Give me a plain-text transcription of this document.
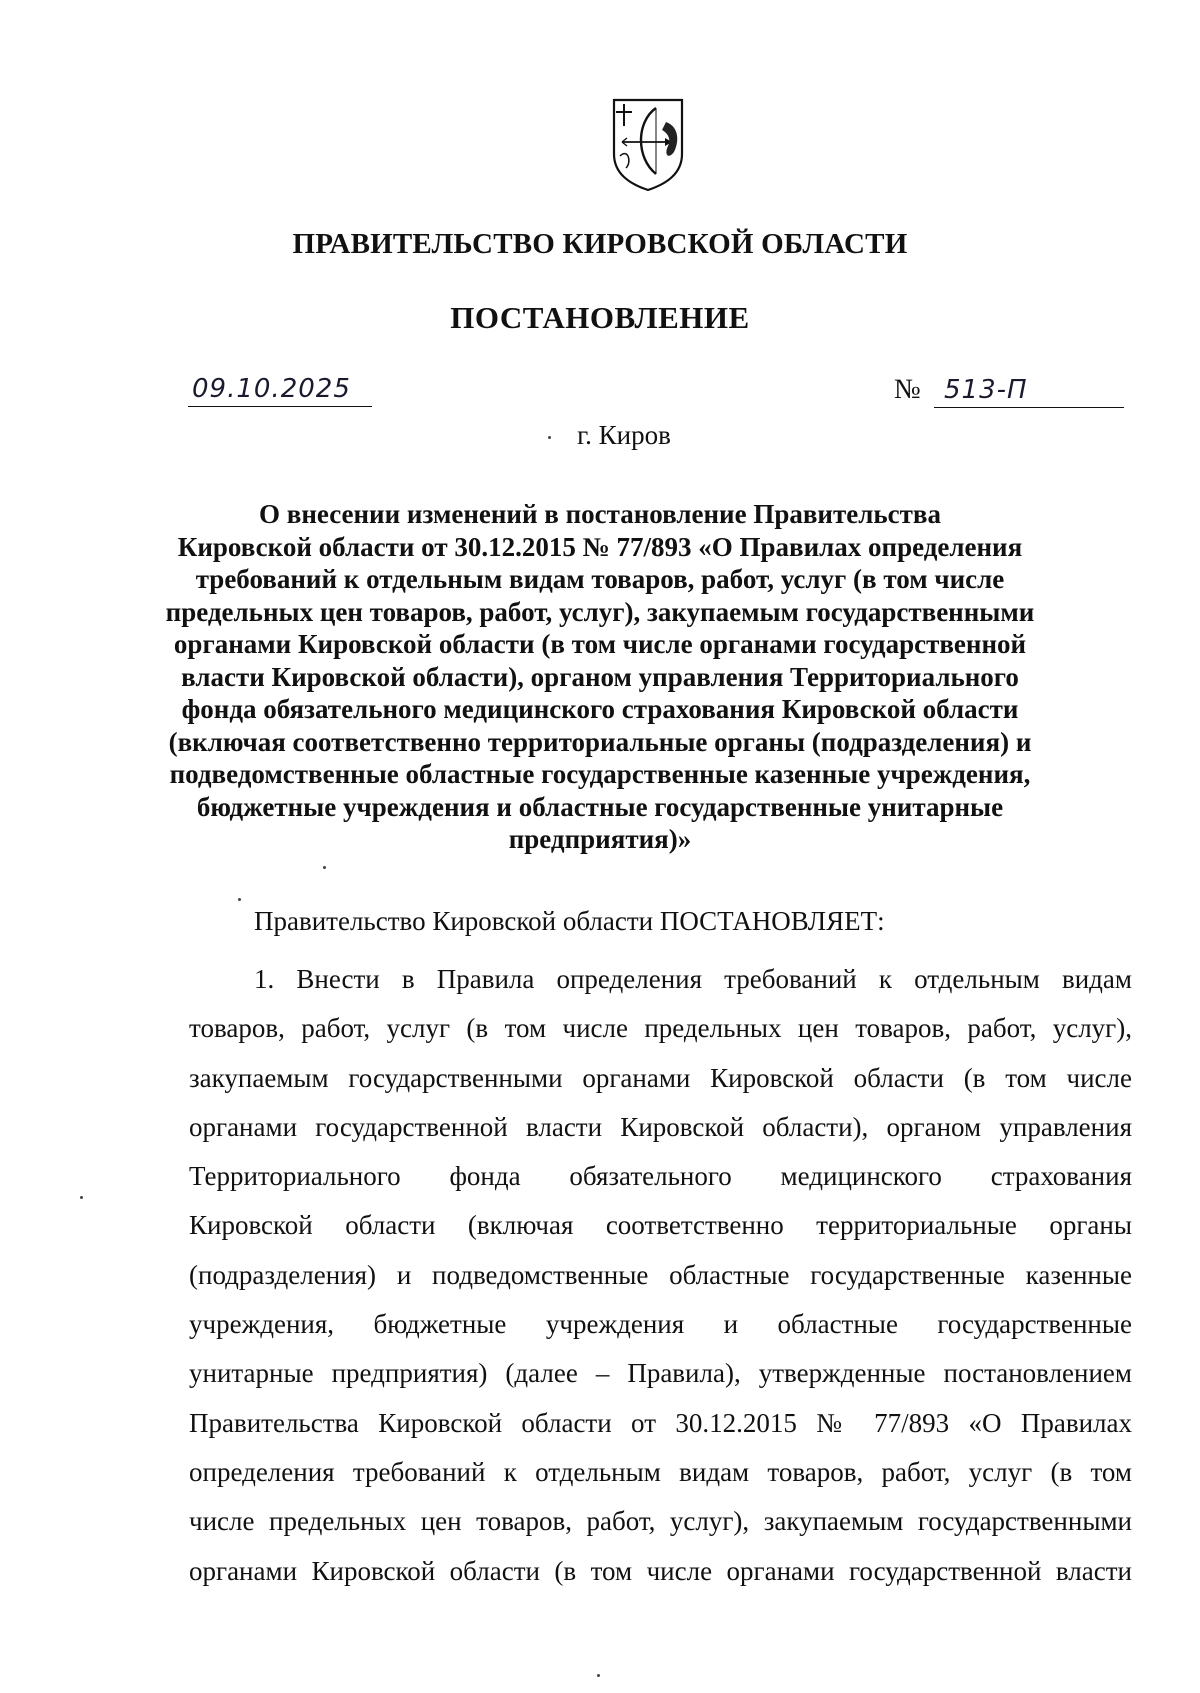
ПРАВИТЕЛЬСТВО КИРОВСКОЙ ОБЛАСТИ
ПОСТАНОВЛЕНИЕ
09.10.2025	№ 513-П
г. Киров
О внесении изменений в постановление Правительства
Кировской области от 30.12.2015 № 77/893 «О Правилах определения
требований к отдельным видам товаров, работ, услуг (в том числе
предельных цен товаров, работ, услуг), закупаемым государственными
органами Кировской области (в том числе органами государственной
власти Кировской области), органом управления Территориального
фонда обязательного медицинского страхования Кировской области
(включая соответственно территориальные органы (подразделения) и
подведомственные областные государственные казенные учреждения,
бюджетные учреждения и областные государственные унитарные
предприятия)»
Правительство Кировской области ПОСТАНОВЛЯЕТ:
1. Внести в Правила определения требований к отдельным видам
товаров, работ, услуг (в том числе предельных цен товаров, работ, услуг),
закупаемым государственными органами Кировской области (в том числе
органами государственной власти Кировской области), органом управления
Территориального фонда обязательного медицинского страхования
Кировской области (включая соответственно территориальные органы
(подразделения) и подведомственные областные государственные казенные
учреждения, бюджетные учреждения и областные государственные
унитарные предприятия) (далее – Правила), утвержденные постановлением
Правительства Кировской области от 30.12.2015 № 77/893 «О Правилах
определения требований к отдельным видам товаров, работ, услуг (в том
числе предельных цен товаров, работ, услуг), закупаемым государственными
органами Кировской области (в том числе органами государственной власти
